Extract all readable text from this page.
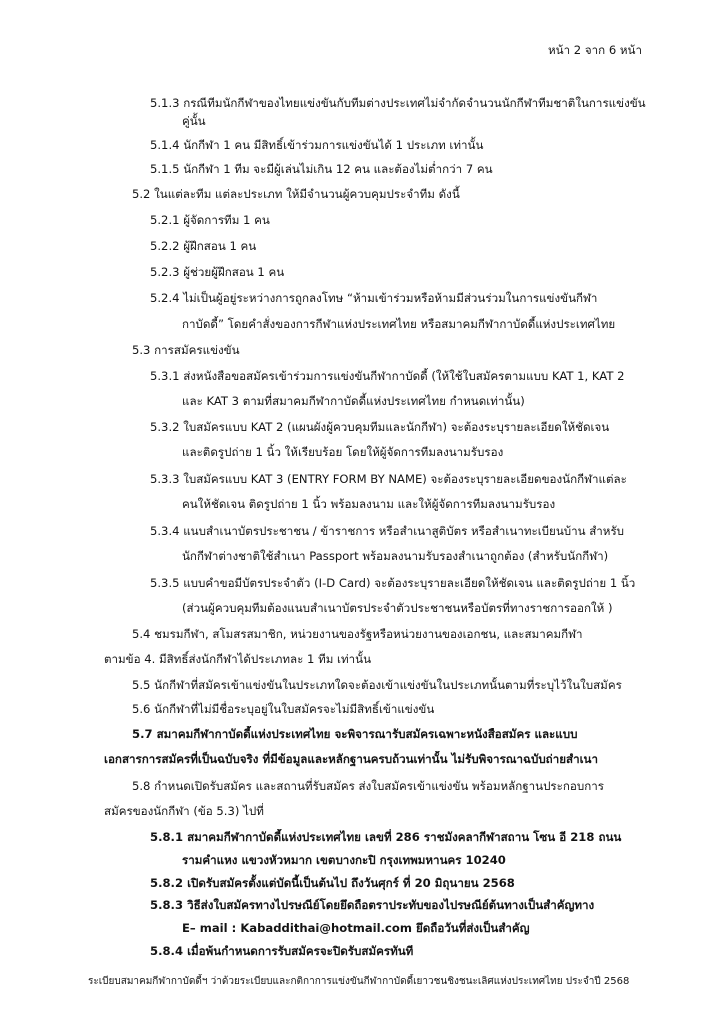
หน้า 2 จาก 6 หน้า
5.1.3 กรณีทีมนักกีฬาของไทยแข่งขันกับทีมต่างประเทศไม่จำกัดจำนวนนักกีฬาทีมชาติในการแข่งขัน
คู่นั้น
5.1.4 นักกีฬา 1 คน มีสิทธิ์เข้าร่วมการแข่งขันได้ 1 ประเภท เท่านั้น
5.1.5 นักกีฬา 1 ทีม จะมีผู้เล่นไม่เกิน 12 คน และต้องไม่ต่ำกว่า 7 คน
5.2 ในแต่ละทีม แต่ละประเภท ให้มีจำนวนผู้ควบคุมประจำทีม ดังนี้
5.2.1 ผู้จัดการทีม 1 คน
5.2.2 ผู้ฝึกสอน 1 คน
5.2.3 ผู้ช่วยผู้ฝึกสอน 1 คน
5.2.4 ไม่เป็นผู้อยู่ระหว่างการถูกลงโทษ “ห้ามเข้าร่วมหรือห้ามมีส่วนร่วมในการแข่งขันกีฬา
กาบัดดี้” โดยคำสั่งของการกีฬาแห่งประเทศไทย หรือสมาคมกีฬากาบัดดี้แห่งประเทศไทย
5.3 การสมัครแข่งขัน
5.3.1 ส่งหนังสือขอสมัครเข้าร่วมการแข่งขันกีฬากาบัดดี้ (ให้ใช้ใบสมัครตามแบบ KAT 1, KAT 2
และ KAT 3 ตามที่สมาคมกีฬากาบัดดี้แห่งประเทศไทย กำหนดเท่านั้น)
5.3.2 ใบสมัครแบบ KAT 2 (แผนผังผู้ควบคุมทีมและนักกีฬา) จะต้องระบุรายละเอียดให้ชัดเจน
และติดรูปถ่าย 1 นิ้ว ให้เรียบร้อย โดยให้ผู้จัดการทีมลงนามรับรอง
5.3.3 ใบสมัครแบบ KAT 3 (ENTRY FORM BY NAME) จะต้องระบุรายละเอียดของนักกีฬาแต่ละ
คนให้ชัดเจน ติดรูปถ่าย 1 นิ้ว พร้อมลงนาม และให้ผู้จัดการทีมลงนามรับรอง
5.3.4 แนบสำเนาบัตรประชาชน / ข้าราชการ หรือสำเนาสูติบัตร หรือสำเนาทะเบียนบ้าน สำหรับ
นักกีฬาต่างชาติใช้สำเนา Passport พร้อมลงนามรับรองสำเนาถูกต้อง (สำหรับนักกีฬา)
5.3.5 แบบคำขอมีบัตรประจำตัว (I-D Card) จะต้องระบุรายละเอียดให้ชัดเจน และติดรูปถ่าย 1 นิ้ว
(ส่วนผู้ควบคุมทีมต้องแนบสำเนาบัตรประจำตัวประชาชนหรือบัตรที่ทางราชการออกให้ )
5.4 ชมรมกีฬา, สโมสรสมาชิก, หน่วยงานของรัฐหรือหน่วยงานของเอกชน, และสมาคมกีฬา
ตามข้อ 4. มีสิทธิ์ส่งนักกีฬาได้ประเภทละ 1 ทีม เท่านั้น
5.5 นักกีฬาที่สมัครเข้าแข่งขันในประเภทใดจะต้องเข้าแข่งขันในประเภทนั้นตามที่ระบุไว้ในใบสมัคร
5.6 นักกีฬาที่ไม่มีชื่อระบุอยู่ในใบสมัครจะไม่มีสิทธิ์เข้าแข่งขัน
5.7 สมาคมกีฬากาบัดดี้แห่งประเทศไทย จะพิจารณารับสมัครเฉพาะหนังสือสมัคร และแบบ
เอกสารการสมัครที่เป็นฉบับจริง ที่มีข้อมูลและหลักฐานครบถ้วนเท่านั้น ไม่รับพิจารณาฉบับถ่ายสำเนา
5.8 กำหนดเปิดรับสมัคร และสถานที่รับสมัคร ส่งใบสมัครเข้าแข่งขัน พร้อมหลักฐานประกอบการ
สมัครของนักกีฬา (ข้อ 5.3) ไปที่
5.8.1 สมาคมกีฬากาบัดดี้แห่งประเทศไทย เลขที่ 286 ราชมังคลากีฬาสถาน โซน อี 218 ถนน
รามคำแหง แขวงหัวหมาก เขตบางกะปิ กรุงเทพมหานคร 10240
5.8.2 เปิดรับสมัครตั้งแต่บัดนี้เป็นต้นไป ถึงวันศุกร์ ที่ 20 มิถุนายน 2568
5.8.3 วิธีส่งใบสมัครทางไปรษณีย์โดยยึดถือตราประทับของไปรษณีย์ต้นทางเป็นสำคัญทาง
E– mail : Kabaddithai@hotmail.com ยึดถือวันที่ส่งเป็นสำคัญ
5.8.4 เมื่อพ้นกำหนดการรับสมัครจะปิดรับสมัครทันที
ระเบียบสมาคมกีฬากาบัดดี้ฯ ว่าด้วยระเบียบและกติกาการแข่งขันกีฬากาบัดดี้เยาวชนชิงชนะเลิศแห่งประเทศไทย ประจำปี 2568
